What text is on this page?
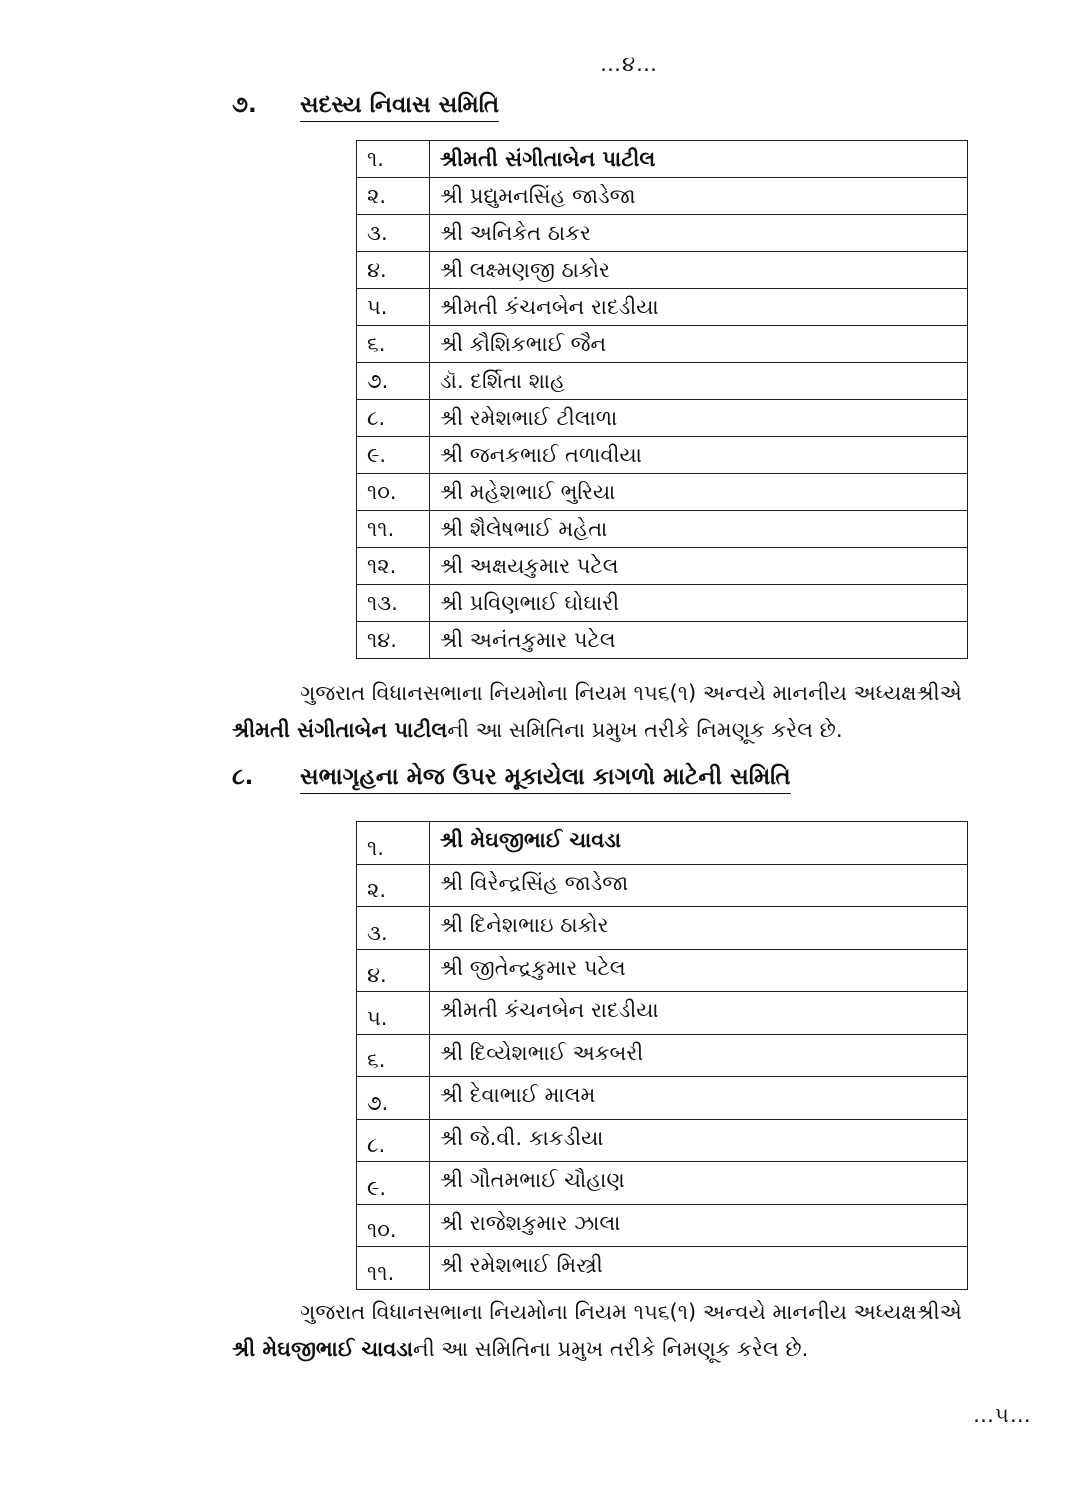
…૪…
૭. સદસ્ય નિવાસ સમિતિ
૧.	શ્રીમતી સંગીતાબેન પાટીલ
૨.	શ્રી પ્રદ્યુમનસિંહ જાડેજા
૩.	શ્રી અનિકેત ઠાકર
૪.	શ્રી લક્ષ્મણજી ઠાકોર
૫.	શ્રીમતી કંચનબેન રાદડીયા
૬.	શ્રી કૌશિકભાઈ જૈન
૭.	ડૉ. દર્શિતા શાહ
૮.	શ્રી રમેશભાઈ ટીલાળા
૯.	શ્રી જનકભાઈ તળાવીયા
૧૦.	શ્રી મહેશભાઈ ભુરિયા
૧૧.	શ્રી શૈલેષભાઈ મહેતા
૧૨.	શ્રી અક્ષયકુમાર પટેલ
૧૩.	શ્રી પ્રવિણભાઈ ઘોઘારી
૧૪.	શ્રી અનંતકુમાર પટેલ
ગુજરાત વિધાનસભાના નિયમોના નિયમ ૧૫૬(૧) અન્વયે માનનીય અધ્યક્ષશ્રીએ
શ્રીમતી સંગીતાબેન પાટીલની આ સમિતિના પ્રમુખ તરીકે નિમણૂક કરેલ છે.
૮. સભાગૃહના મેજ ઉપર મૂકાયેલા કાગળો માટેની સમિતિ
૧.	શ્રી મેઘજીભાઈ ચાવડા
૨.	શ્રી વિરેન્દ્રસિંહ જાડેજા
૩.	શ્રી દિનેશભાઇ ઠાકોર
૪.	શ્રી જીતેન્દ્રકુમાર પટેલ
૫.	શ્રીમતી કંચનબેન રાદડીયા
૬.	શ્રી દિવ્યેશભાઈ અકબરી
૭.	શ્રી દેવાભાઈ માલમ
૮.	શ્રી જે.વી. કાકડીયા
૯.	શ્રી ગૌતમભાઈ ચૌહાણ
૧૦.	શ્રી રાજેશકુમાર ઝાલા
૧૧.	શ્રી રમેશભાઈ મિસ્ત્રી
ગુજરાત વિધાનસભાના નિયમોના નિયમ ૧૫૬(૧) અન્વયે માનનીય અધ્યક્ષશ્રીએ
શ્રી મેઘજીભાઈ ચાવડાની આ સમિતિના પ્રમુખ તરીકે નિમણૂક કરેલ છે.
…૫…
